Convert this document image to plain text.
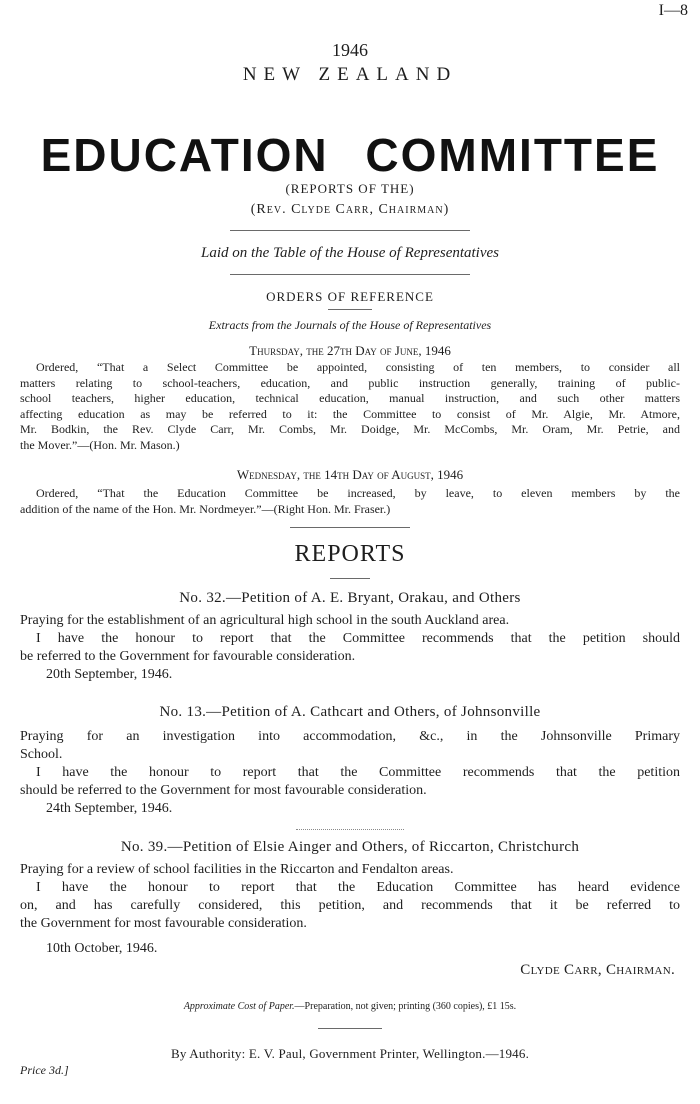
I—8
1946
NEW ZEALAND
EDUCATION COMMITTEE
(REPORTS OF THE)
(Rev. Clyde Carr, Chairman)
Laid on the Table of the House of Representatives
ORDERS OF REFERENCE
Extracts from the Journals of the House of Representatives
Thursday, the 27th Day of June, 1946
Ordered, “That a Select Committee be appointed, consisting of ten members, to consider all
matters relating to school-teachers, education, and public instruction generally, training of public-
school teachers, higher education, technical education, manual instruction, and such other matters
affecting education as may be referred to it: the Committee to consist of Mr. Algie, Mr. Atmore,
Mr. Bodkin, the Rev. Clyde Carr, Mr. Combs, Mr. Doidge, Mr. McCombs, Mr. Oram, Mr. Petrie, and
the Mover.”—(Hon. Mr. Mason.)
Wednesday, the 14th Day of August, 1946
Ordered, “That the Education Committee be increased, by leave, to eleven members by the
addition of the name of the Hon. Mr. Nordmeyer.”—(Right Hon. Mr. Fraser.)
REPORTS
No. 32.—Petition of A. E. Bryant, Orakau, and Others
Praying for the establishment of an agricultural high school in the south Auckland area.
I have the honour to report that the Committee recommends that the petition should
be referred to the Government for favourable consideration.
20th September, 1946.
No. 13.—Petition of A. Cathcart and Others, of Johnsonville
Praying for an investigation into accommodation, &c., in the Johnsonville Primary
School.
I have the honour to report that the Committee recommends that the petition
should be referred to the Government for most favourable consideration.
24th September, 1946.
No. 39.—Petition of Elsie Ainger and Others, of Riccarton, Christchurch
Praying for a review of school facilities in the Riccarton and Fendalton areas.
I have the honour to report that the Education Committee has heard evidence
on, and has carefully considered, this petition, and recommends that it be referred to
the Government for most favourable consideration.
10th October, 1946.
Clyde Carr, Chairman.
Approximate Cost of Paper.—Preparation, not given; printing (360 copies), £1 15s.
By Authority: E. V. Paul, Government Printer, Wellington.—1946.
Price 3d.]
